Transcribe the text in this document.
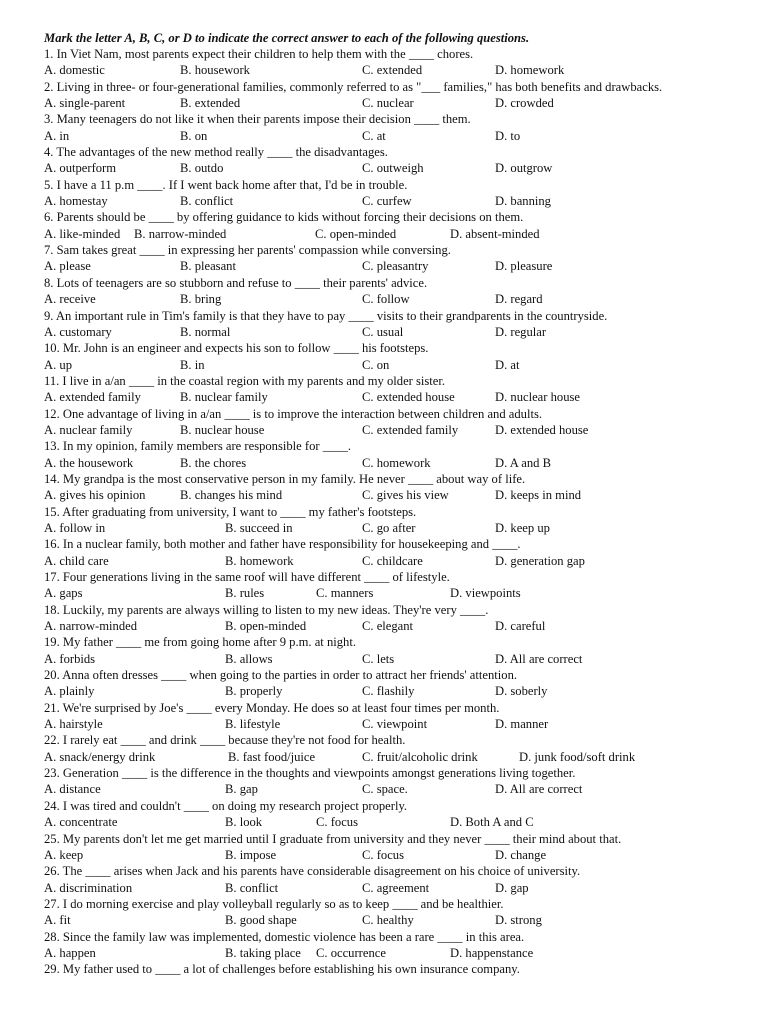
Mark the letter A, B, C, or D to indicate the correct answer to each of the following questions.
1. In Viet Nam, most parents expect their children to help them with the ____ chores.
A. domestic	B. housework	C. extended	D. homework
2. Living in three- or four-generational families, commonly referred to as "___ families," has both benefits and drawbacks.
A. single-parent	B. extended	C. nuclear	D. crowded
3. Many teenagers do not like it when their parents impose their decision ____ them.
A. in	B. on	C. at	D. to
4. The advantages of the new method really ____ the disadvantages.
A. outperform	B. outdo	C. outweigh	D. outgrow
5. I have a 11 p.m ____. If I went back home after that, I'd be in trouble.
A. homestay	B. conflict	C. curfew	D. banning
6. Parents should be ____ by offering guidance to kids without forcing their decisions on them.
A. like-minded B. narrow-minded	C. open-minded	D. absent-minded
7. Sam takes great ____ in expressing her parents' compassion while conversing.
A. please	B. pleasant	C. pleasantry	D. pleasure
8. Lots of teenagers are so stubborn and refuse to ____ their parents' advice.
A. receive	B. bring	C. follow	D. regard
9. An important rule in Tim's family is that they have to pay ____ visits to their grandparents in the countryside.
A. customary	B. normal	C. usual	D. regular
10. Mr. John is an engineer and expects his son to follow ____ his footsteps.
A. up	B. in	C. on	D. at
11. I live in a/an ____ in the coastal region with my parents and my older sister.
A. extended family	B. nuclear family	C. extended house	D. nuclear house
12. One advantage of living in a/an ____ is to improve the interaction between children and adults.
A. nuclear family	B. nuclear house	C. extended family	D. extended house
13. In my opinion, family members are responsible for ____.
A. the housework	B. the chores	C. homework	D. A and B
14. My grandpa is the most conservative person in my family. He never ____ about way of life.
A. gives his opinion	B. changes his mind	C. gives his view	D. keeps in mind
15. After graduating from university, I want to ____ my father's footsteps.
A. follow in	B. succeed in	C. go after	D. keep up
16. In a nuclear family, both mother and father have responsibility for housekeeping and ____.
A. child care	B. homework	C. childcare	D. generation gap
17. Four generations living in the same roof will have different ____ of lifestyle.
A. gaps	B. rules	C. manners	D. viewpoints
18. Luckily, my parents are always willing to listen to my new ideas. They're very ____.
A. narrow-minded	B. open-minded	C. elegant	D. careful
19. My father ____ me from going home after 9 p.m. at night.
A. forbids	B. allows	C. lets	D. All are correct
20. Anna often dresses ____ when going to the parties in order to attract her friends' attention.
A. plainly	B. properly	C. flashily	D. soberly
21. We're surprised by Joe's ____ every Monday. He does so at least four times per month.
A. hairstyle	B. lifestyle	C. viewpoint	D. manner
22. I rarely eat ____ and drink ____ because they're not food for health.
A. snack/energy drink	B. fast food/juice	C. fruit/alcoholic drink	D. junk food/soft drink
23. Generation ____ is the difference in the thoughts and viewpoints amongst generations living together.
A. distance	B. gap	C. space.	D. All are correct
24. I was tired and couldn't ____ on doing my research project properly.
A. concentrate	B. look	C. focus	D. Both A and C
25. My parents don't let me get married until I graduate from university and they never ____ their mind about that.
A. keep	B. impose	C. focus	D. change
26. The ____ arises when Jack and his parents have considerable disagreement on his choice of university.
A. discrimination	B. conflict	C. agreement	D. gap
27. I do morning exercise and play volleyball regularly so as to keep ____ and be healthier.
A. fit	B. good shape	C. healthy	D. strong
28. Since the family law was implemented, domestic violence has been a rare ____ in this area.
A. happen	B. taking place C. occurrence	D. happenstance
29. My father used to ____ a lot of challenges before establishing his own insurance company.
